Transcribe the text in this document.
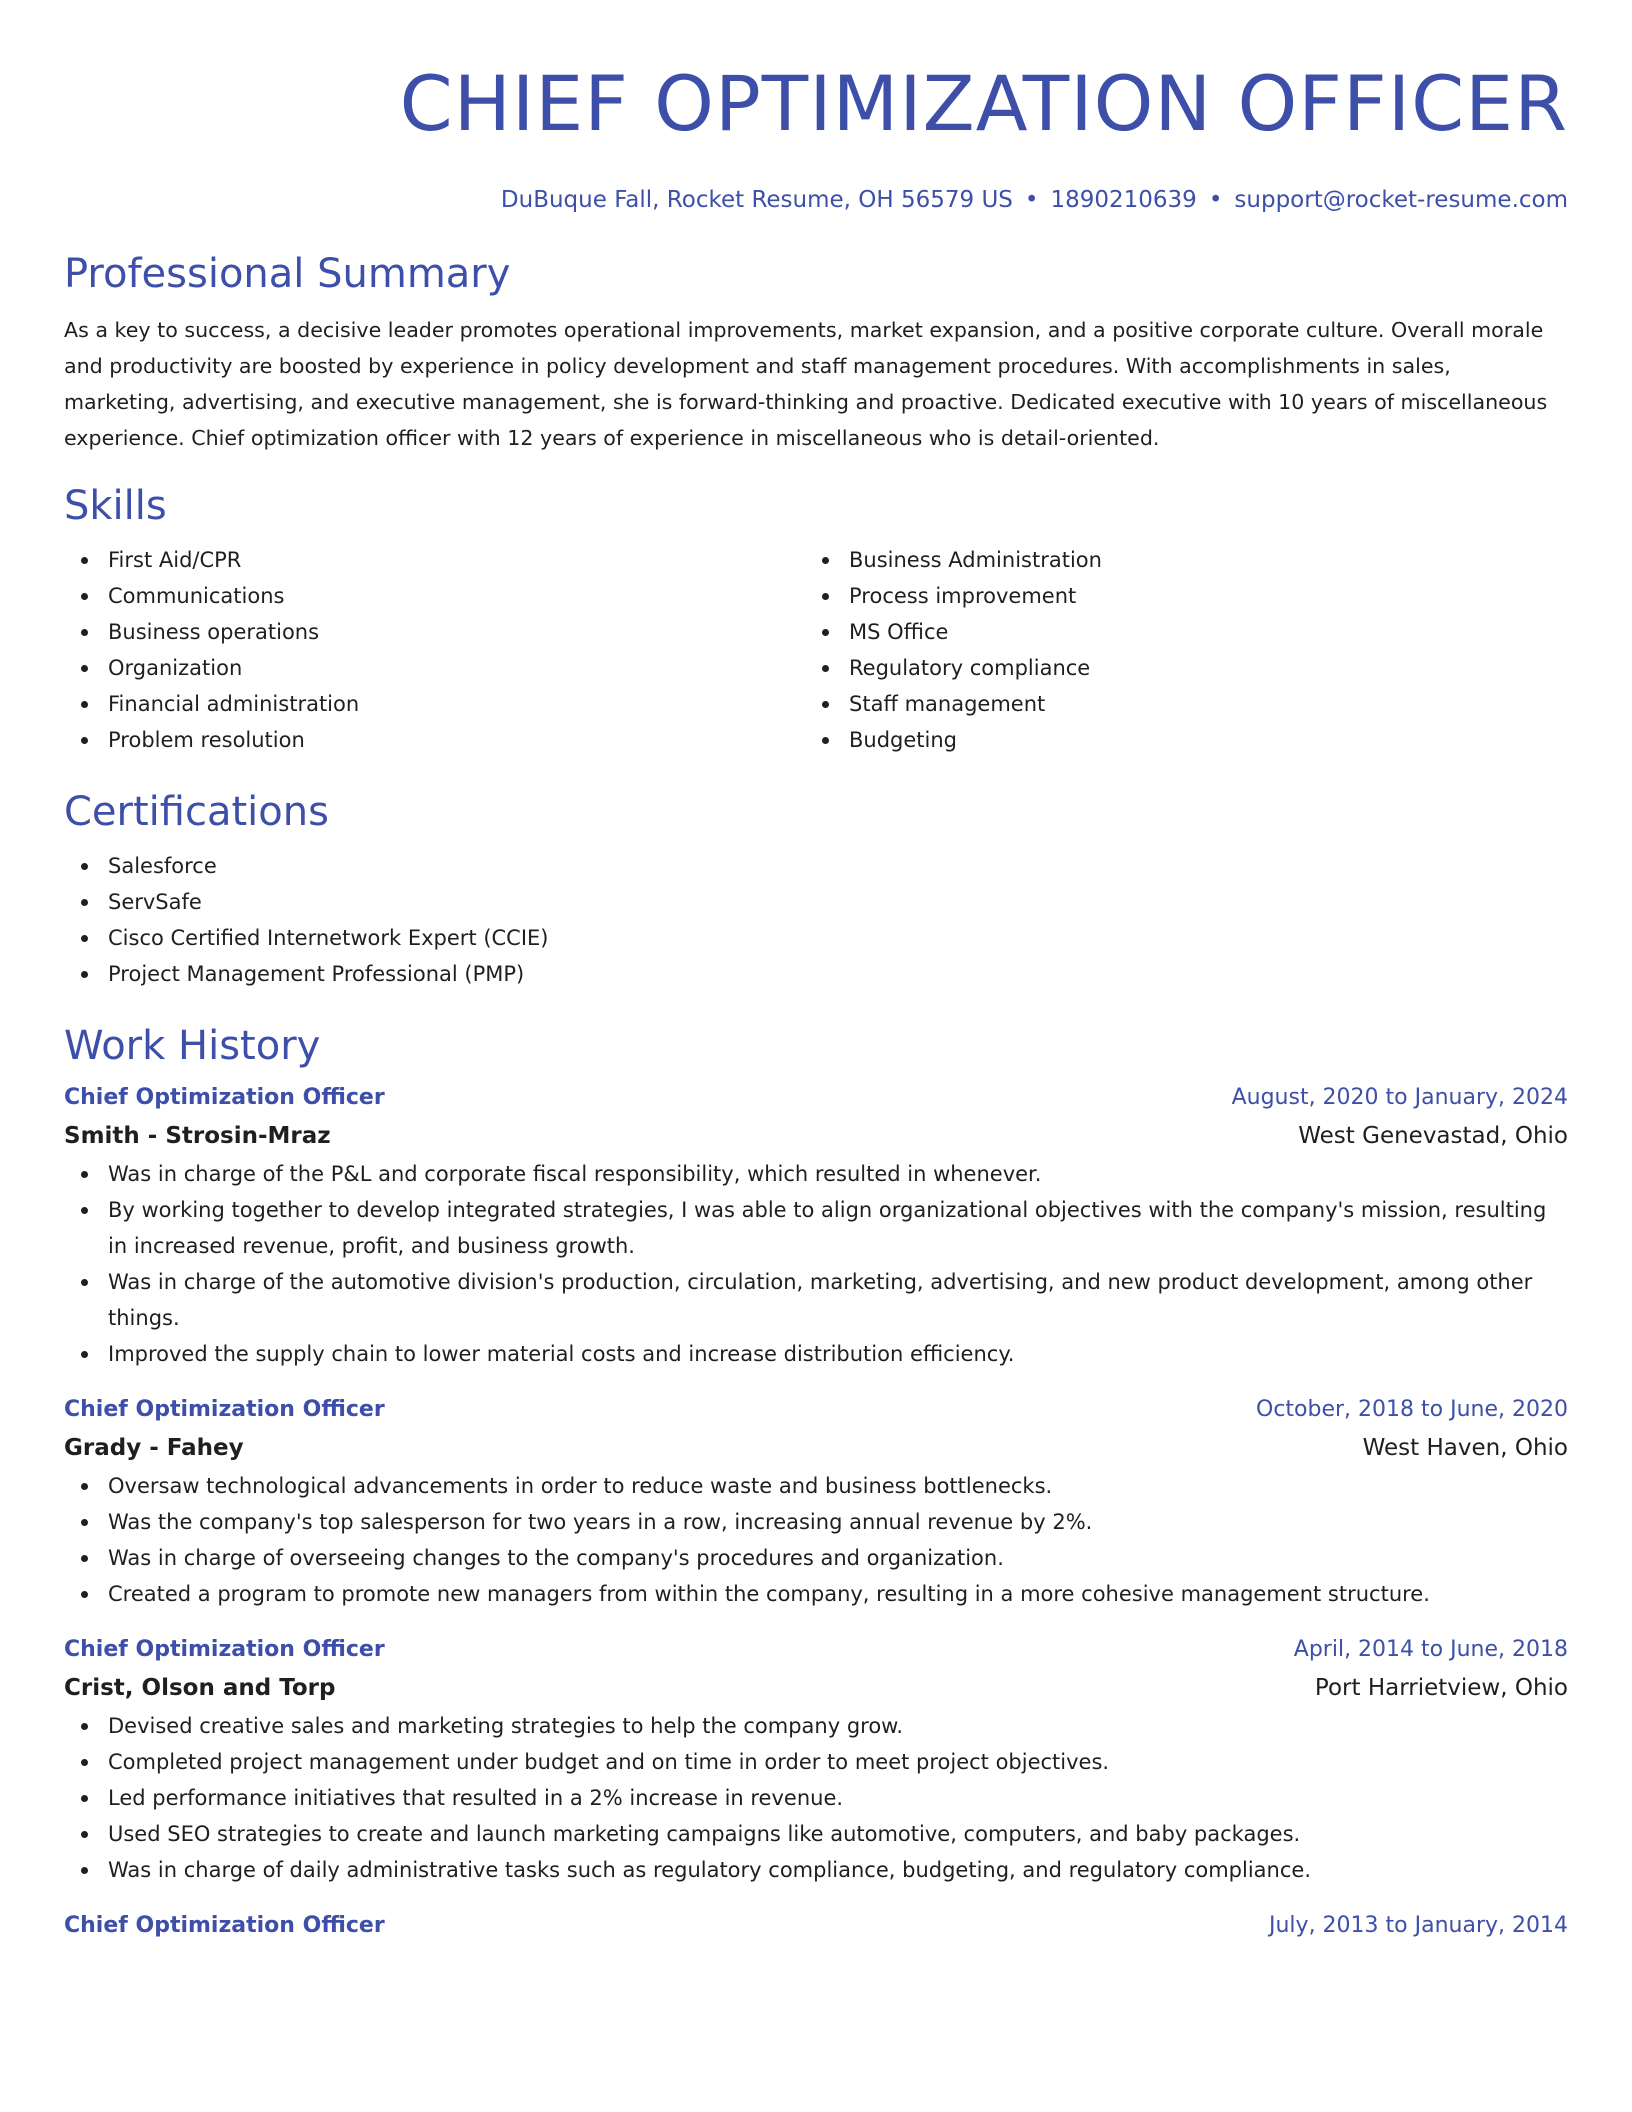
CHIEF OPTIMIZATION OFFICER
DuBuque Fall, Rocket Resume, OH 56579 US • 1890210639 • support@rocket-resume.com
Professional Summary

As a key to success, a decisive leader promotes operational improvements, market expansion, and a positive corporate culture. Overall morale and productivity are boosted by experience in policy development and staff management procedures. With accomplishments in sales, marketing, advertising, and executive management, she is forward-thinking and proactive. Dedicated executive with 10 years of miscellaneous experience. Chief optimization officer with 12 years of experience in miscellaneous who is detail-oriented.

Skills
First Aid/CPR
Communications
Business operations
Organization
Financial administration
Problem resolution
Business Administration
Process improvement
MS Office
Regulatory compliance
Staff management
Budgeting
Certifications
Salesforce
ServSafe
Cisco Certified Internetwork Expert (CCIE)
Project Management Professional (PMP)
Work History
Chief Optimization Officer	August, 2020 to January, 2024
Smith - Strosin-Mraz	West Genevastad, Ohio
Was in charge of the P&L and corporate fiscal responsibility, which resulted in whenever.
By working together to develop integrated strategies, I was able to align organizational objectives with the company's mission, resulting in increased revenue, profit, and business growth.
Was in charge of the automotive division's production, circulation, marketing, advertising, and new product development, among other things.
Improved the supply chain to lower material costs and increase distribution efficiency.
Chief Optimization Officer	October, 2018 to June, 2020
Grady - Fahey	West Haven, Ohio
Oversaw technological advancements in order to reduce waste and business bottlenecks.
Was the company's top salesperson for two years in a row, increasing annual revenue by 2%.
Was in charge of overseeing changes to the company's procedures and organization.
Created a program to promote new managers from within the company, resulting in a more cohesive management structure.
Chief Optimization Officer	April, 2014 to June, 2018
Crist, Olson and Torp	Port Harrietview, Ohio
Devised creative sales and marketing strategies to help the company grow.
Completed project management under budget and on time in order to meet project objectives.
Led performance initiatives that resulted in a 2% increase in revenue.
Used SEO strategies to create and launch marketing campaigns like automotive, computers, and baby packages.
Was in charge of daily administrative tasks such as regulatory compliance, budgeting, and regulatory compliance.
Chief Optimization Officer	July, 2013 to January, 2014
